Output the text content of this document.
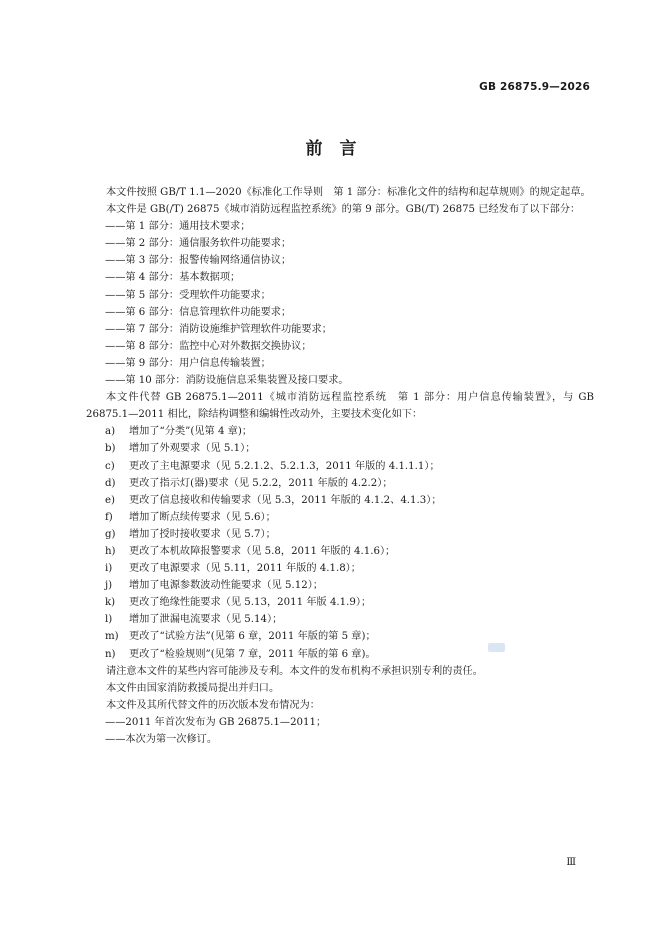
GB 26875.9—2026
前　言

本文件按照 GB/T 1.1—2020《标准化工作导则　第 1 部分：标准化文件的结构和起草规则》的规定起草。

本文件是 GB(/T) 26875《城市消防远程监控系统》的第 9 部分。GB(/T) 26875 已经发布了以下部分：

——第 1 部分：通用技术要求；

——第 2 部分：通信服务软件功能要求；

——第 3 部分：报警传输网络通信协议；

——第 4 部分：基本数据项；

——第 5 部分：受理软件功能要求；

——第 6 部分：信息管理软件功能要求；

——第 7 部分：消防设施维护管理软件功能要求；

——第 8 部分：监控中心对外数据交换协议；

——第 9 部分：用户信息传输装置；

——第 10 部分：消防设施信息采集装置及接口要求。

本文件代替 GB 26875.1—2011《城市消防远程监控系统　第 1 部分：用户信息传输装置》，与 GB 26875.1—2011 相比，除结构调整和编辑性改动外，主要技术变化如下：

a)	增加了“分类”(见第 4 章)；
b)	增加了外观要求（见 5.1）；
c)	更改了主电源要求（见 5.2.1.2、5.2.1.3，2011 年版的 4.1.1.1）；
d)	更改了指示灯(器)要求（见 5.2.2，2011 年版的 4.2.2）；
e)	更改了信息接收和传输要求（见 5.3，2011 年版的 4.1.2、4.1.3）；
f)	增加了断点续传要求（见 5.6）；
g)	增加了授时接收要求（见 5.7）；
h)	更改了本机故障报警要求（见 5.8，2011 年版的 4.1.6）；
i)	更改了电源要求（见 5.11，2011 年版的 4.1.8）；
j)	增加了电源参数波动性能要求（见 5.12）；
k)	更改了绝缘性能要求（见 5.13，2011 年版 4.1.9）；
l)	增加了泄漏电流要求（见 5.14）；
m)	更改了“试验方法”(见第 6 章，2011 年版的第 5 章)；
n)	更改了“检验规则”(见第 7 章，2011 年版的第 6 章)。

请注意本文件的某些内容可能涉及专利。本文件的发布机构不承担识别专利的责任。

本文件由国家消防救援局提出并归口。

本文件及其所代替文件的历次版本发布情况为：

——2011 年首次发布为 GB 26875.1—2011；

——本次为第一次修订。

Ⅲ
